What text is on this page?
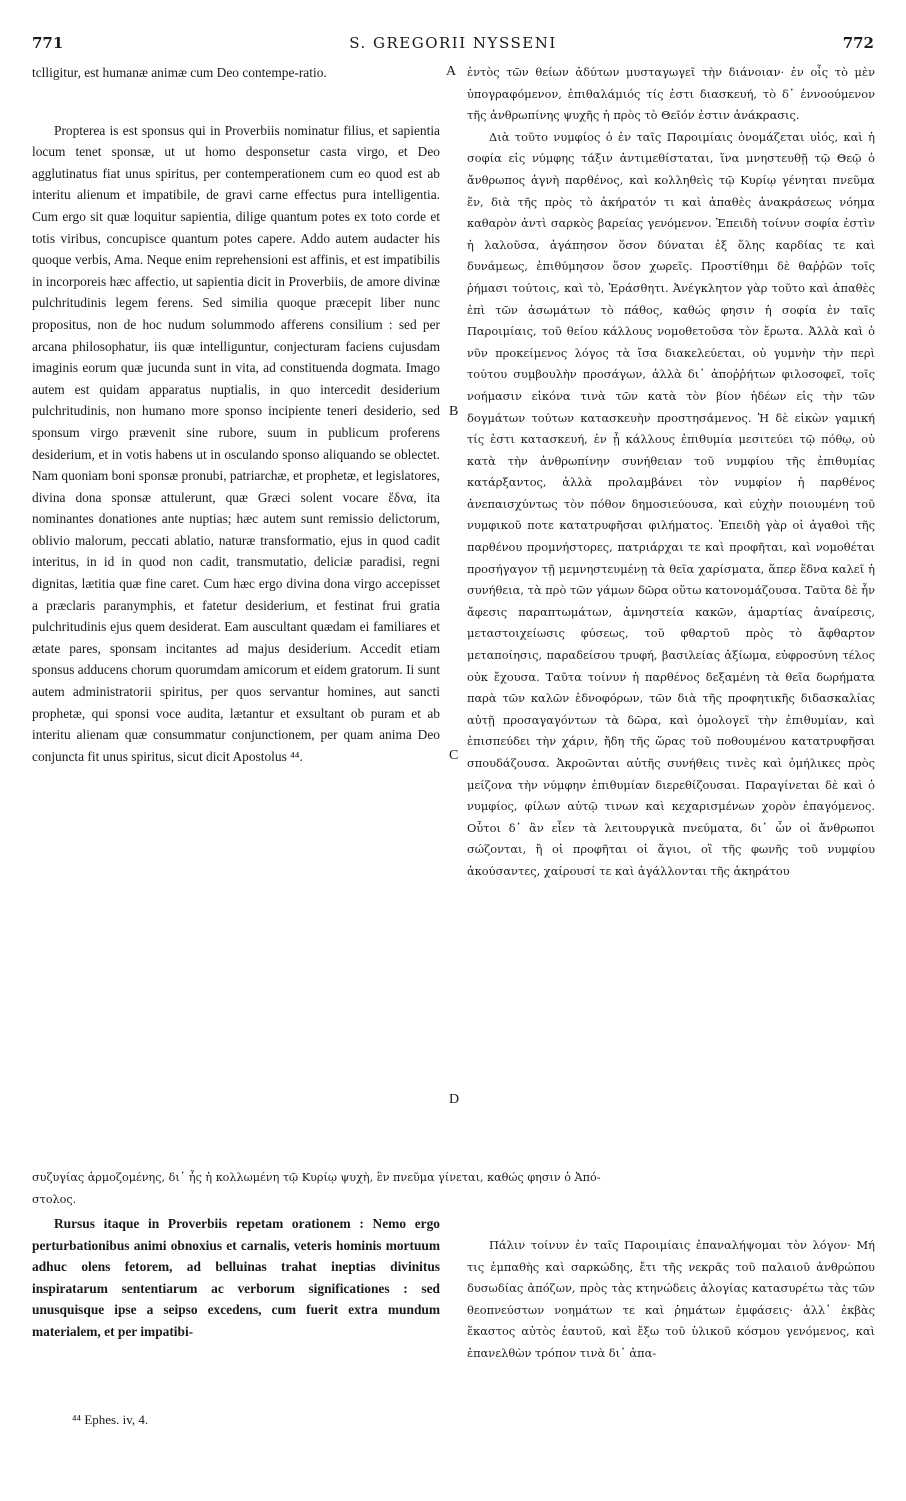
771	S. GREGORII NYSSENI	772

tclligitur, est humanæ animæ cum Deo contempe-ratio.

Propterea is est sponsus qui in Proverbiis nominatur filius, et sapientia locum tenet sponsæ, ut ut homo desponsetur casta virgo, et Deo agglutinatus fiat unus spiritus, per contemperationem cum eo quod est ab interitu alienum et impatibile, de gravi carne effectus pura intelligentia. Cum ergo sit quæ loquitur sapientia, dilige quantum potes ex toto corde et totis viribus, concupisce quantum potes capere. Addo autem audacter his quoque verbis, Ama. Neque enim reprehensioni est affinis, et est impatibilis in incorporeis hæc affectio, ut sapientia dicit in Proverbiis, de amore divinæ pulchritudinis legem ferens. Sed similia quoque præcepit liber nunc propositus, non de hoc nudum solummodo afferens consilium : sed per arcana philosophatur, iis quæ intelliguntur, conjecturam faciens cujusdam imaginis eorum quæ jucunda sunt in vita, ad constituenda dogmata. Imago autem est quidam apparatus nuptialis, in quo intercedit desiderium pulchritudinis, non humano more sponso incipiente teneri desiderio, sed sponsum virgo prævenit sine rubore, suum in publicum proferens desiderium, et in votis habens ut in osculando sponso aliquando se oblectet. Nam quoniam boni sponsæ pronubi, patriarchæ, et prophetæ, et legislatores, divina dona sponsæ attulerunt, quæ Græci solent vocare ἕδνα, ita nominantes donationes ante nuptias; hæc autem sunt remissio delictorum, oblivio malorum, peccati ablatio, naturæ transformatio, ejus in quod cadit interitus, in id in quod non cadit, transmutatio, deliciæ paradisi, regni dignitas, lætitia quæ fine caret. Cum hæc ergo divina dona virgo accepisset a præclaris paranymphis, et fatetur desiderium, et festinat frui gratia pulchritudinis ejus quem desiderat. Eam auscultant quædam ei familiares et ætate pares, sponsam incitantes ad majus desiderium. Accedit etiam sponsus adducens chorum quorumdam amicorum et eidem gratorum. Ii sunt autem administratorii spiritus, per quos servantur homines, aut sancti prophetæ, qui sponsi voce audita, lætantur et exsultant ob puram et ab interitu alienam quæ consummatur conjunctionem, per quam anima Deo conjuncta fit unus spiritus, sicut dicit Apostolus ⁴⁴.

ἐντὸς τῶν θείων ἀδύτων μυσταγωγεῖ τὴν διάνοιαν· ἐν οἷς τὸ μὲν ὑπογραφόμενον, ἐπιθαλάμιός τίς ἐστι διασκευή, τὸ δ᾽ ἐννοούμενον τῆς ἀνθρωπίνης ψυχῆς ἡ πρὸς τὸ Θεῖόν ἐστιν ἀνάκρασις.

Διὰ τοῦτο νυμφίος ὁ ἐν ταῖς Παροιμίαις ὀνομάζεται υἱός, καὶ ἡ σοφία εἰς νύμφης τάξιν ἀντιμεθίσταται, ἵνα μνηστευθῇ τῷ Θεῷ ὁ ἄνθρωπος ἁγνὴ παρθένος, καὶ κολληθεὶς τῷ Κυρίῳ γένηται πνεῦμα ἕν, διὰ τῆς πρὸς τὸ ἀκήρατόν τι καὶ ἀπαθὲς ἀνακράσεως νόημα καθαρὸν ἀντὶ σαρκὸς βαρείας γενόμενον. Ἐπειδὴ τοίνυν σοφία ἐστὶν ἡ λαλοῦσα, ἀγάπησον ὅσον δύναται ἐξ ὅλης καρδίας τε καὶ δυνάμεως, ἐπιθύμησον ὅσον χωρεῖς. Προστίθημι δὲ θαῤῥῶν τοῖς ῥήμασι τούτοις, καὶ τὸ, Ἐράσθητι. Ἀνέγκλητον γὰρ τοῦτο καὶ ἀπαθὲς ἐπὶ τῶν ἀσωμάτων τὸ πάθος, καθώς φησιν ἡ σοφία ἐν ταῖς Παροιμίαις, τοῦ θείου κάλλους νομοθετοῦσα τὸν ἔρωτα. Ἀλλὰ καὶ ὁ νῦν προκείμενος λόγος τὰ ἴσα διακελεύεται, οὐ γυμνὴν τὴν περὶ τούτου συμβουλὴν προσάγων, ἀλλὰ δι᾽ ἀποῤῥήτων φιλοσοφεῖ, τοῖς νοήμασιν εἰκόνα τινὰ τῶν κατὰ τὸν βίον ἡδέων εἰς τὴν τῶν δογμάτων τούτων κατασκευὴν προστησάμενος. Ἡ δὲ εἰκὼν γαμική τίς ἐστι κατασκευή, ἐν ᾗ κάλλους ἐπιθυμία μεσιτεύει τῷ πόθῳ, οὐ κατὰ τὴν ἀνθρωπίνην συνήθειαν τοῦ νυμφίου τῆς ἐπιθυμίας κατάρξαντος, ἀλλὰ προλαμβάνει τὸν νυμφίον ἡ παρθένος ἀνεπαισχύντως τὸν πόθον δημοσιεύουσα, καὶ εὐχὴν ποιουμένη τοῦ νυμφικοῦ ποτε κατατρυφῆσαι φιλήματος. Ἐπειδὴ γὰρ οἱ ἀγαθοὶ τῆς παρθένου προμνήστορες, πατριάρχαι τε καὶ προφῆται, καὶ νομοθέται προσήγαγον τῇ μεμνηστευμένῃ τὰ θεῖα χαρίσματα, ἅπερ ἕδνα καλεῖ ἡ συνήθεια, τὰ πρὸ τῶν γάμων δῶρα οὕτω κατονομάζουσα. Ταῦτα δὲ ἦν ἄφεσις παραπτωμάτων, ἀμνηστεία κακῶν, ἁμαρτίας ἀναίρεσις, μεταστοιχείωσις φύσεως, τοῦ φθαρτοῦ πρὸς τὸ ἄφθαρτον μεταποίησις, παραδείσου τρυφή, βασιλείας ἀξίωμα, εὐφροσύνη τέλος οὐκ ἔχουσα. Ταῦτα τοίνυν ἡ παρθένος δεξαμένη τὰ θεῖα δωρήματα παρὰ τῶν καλῶν ἑδνοφόρων, τῶν διὰ τῆς προφητικῆς διδασκαλίας αὐτῇ προσαγαγόντων τὰ δῶρα, καὶ ὁμολογεῖ τὴν ἐπιθυμίαν, καὶ ἐπισπεύδει τὴν χάριν, ἤδη τῆς ὥρας τοῦ ποθουμένου κατατρυφῆσαι σπουδάζουσα. Ἀκροῶνται αὐτῆς συνήθεις τινὲς καὶ ὁμήλικες πρὸς μείζονα τὴν νύμφην ἐπιθυμίαν διερεθίζουσαι. Παραγίνεται δὲ καὶ ὁ νυμφίος, φίλων αὐτῷ τινων καὶ κεχαρισμένων χορὸν ἐπαγόμενος. Οὗτοι δ᾽ ἂν εἶεν τὰ λειτουργικὰ πνεύματα, δι᾽ ὧν οἱ ἄνθρωποι σώζονται, ἢ οἱ προφῆται οἱ ἅγιοι, οἳ τῆς φωνῆς τοῦ νυμφίου ἀκούσαντες, χαίρουσί τε καὶ ἀγάλλονται τῆς ἀκηράτου

A
B
C
D
συζυγίας ἁρμοζομένης, δι᾽ ἧς ἡ κολλωμένη τῷ Κυρίῳ ψυχὴ, ἓν πνεῦμα γίνεται, καθώς φησιν ὁ Ἀπό-
στολος.

Rursus itaque in Proverbiis repetam orationem : Nemo ergo perturbationibus animi obnoxius et carnalis, veteris hominis mortuum adhuc olens fetorem, ad belluinas trahat ineptias divinitus inspiratarum sententiarum ac verborum significationes : sed unusquisque ipse a seipso excedens, cum fuerit extra mundum materialem, et per impatibi-

Πάλιν τοίνυν ἐν ταῖς Παροιμίαις ἐπαναλήψομαι τὸν λόγον· Μή τις ἐμπαθὴς καὶ σαρκώδης, ἔτι τῆς νεκρᾶς τοῦ παλαιοῦ ἀνθρώπου δυσωδίας ἀπόζων, πρὸς τὰς κτηνώδεις ἀλογίας κατασυρέτω τὰς τῶν θεοπνεύστων νοημάτων τε καὶ ῥημάτων ἐμφάσεις· ἀλλ᾽ ἐκβὰς ἕκαστος αὐτὸς ἑαυτοῦ, καὶ ἔξω τοῦ ὑλικοῦ κόσμου γενόμενος, καὶ ἐπανελθὼν τρόπον τινὰ δι᾽ ἀπα-

⁴⁴ Ephes. iv, 4.
